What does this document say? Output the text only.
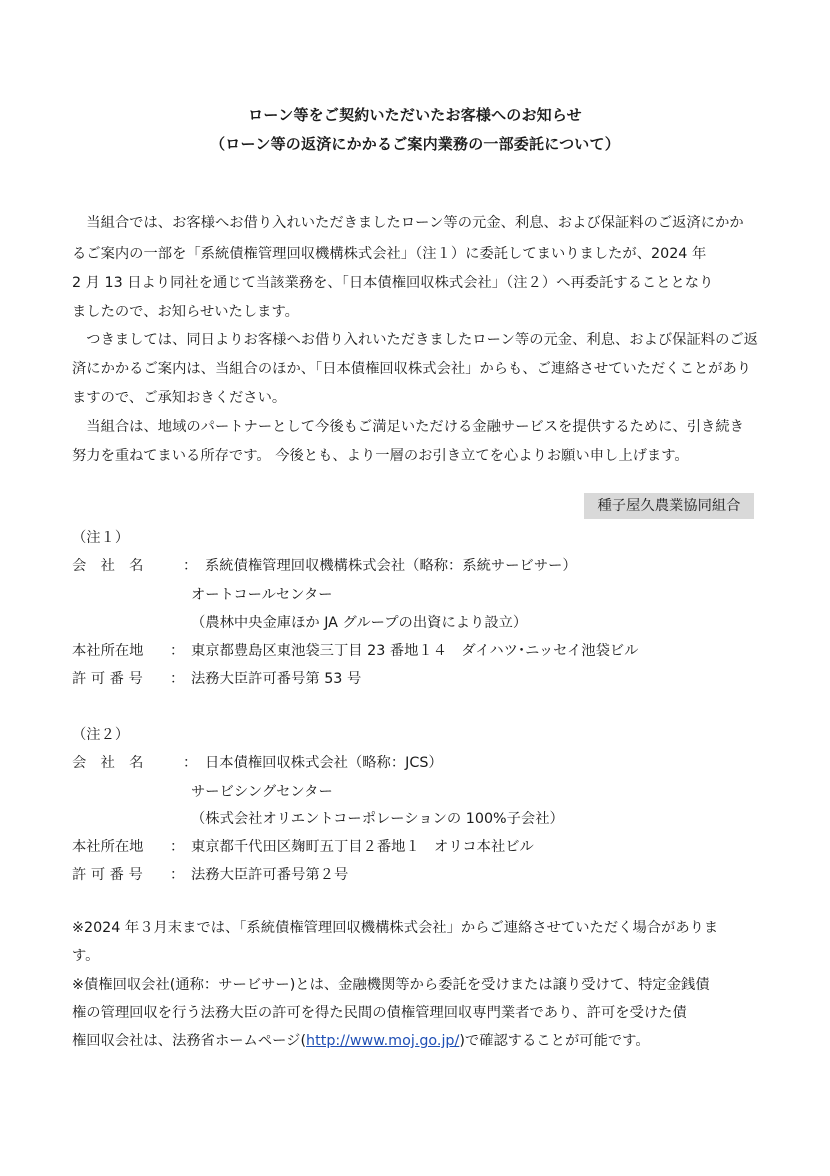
ローン等をご契約いただいたお客様へのお知らせ
（ローン等の返済にかかるご案内業務の一部委託について）
　当組合では、お客様へお借り入れいただきましたローン等の元金、利息、および保証料のご返済にかか
るご案内の一部を「系統債権管理回収機構株式会社」（注１）に委託してまいりましたが、2024 年
2 月 13 日より同社を通じて当該業務を、「日本債権回収株式会社」（注２）へ再委託することとなり
ましたので、お知らせいたします。
　つきましては、同日よりお客様へお借り入れいただきましたローン等の元金、利息、および保証料のご返
済にかかるご案内は、当組合のほか、「日本債権回収株式会社」からも、ご連絡させていただくことがあり
ますので、ご承知おきください。
　当組合は、地域のパートナーとして今後もご満足いただける金融サービスを提供するために、引き続き
努力を重ねてまいる所存です。 今後とも、より一層のお引き立てを心よりお願い申し上げます。
種子屋久農業協同組合
（注１）
会　社　名	： 系統債権管理回収機構株式会社（略称：系統サービサー）
オートコールセンター
（農林中央金庫ほか JA グループの出資により設立）
本社所在地 ： 東京都豊島区東池袋三丁目 23 番地１４　ダイハツ･ニッセイ池袋ビル
許 可 番 号 ： 法務大臣許可番号第 53 号
（注２）
会　社　名	： 日本債権回収株式会社（略称：JCS）
サービシングセンター
（株式会社オリエントコーポレーションの 100%子会社）
本社所在地 ： 東京都千代田区麹町五丁目２番地１　オリコ本社ビル
許 可 番 号 ： 法務大臣許可番号第２号
※2024 年３月末までは、「系統債権管理回収機構株式会社」からご連絡させていただく場合がありま
す。
※債権回収会社(通称：サービサー)とは、金融機関等から委託を受けまたは譲り受けて、特定金銭債
権の管理回収を行う法務大臣の許可を得た民間の債権管理回収専門業者であり、許可を受けた債
権回収会社は、法務省ホームページ(http://www.moj.go.jp/)で確認することが可能です。
